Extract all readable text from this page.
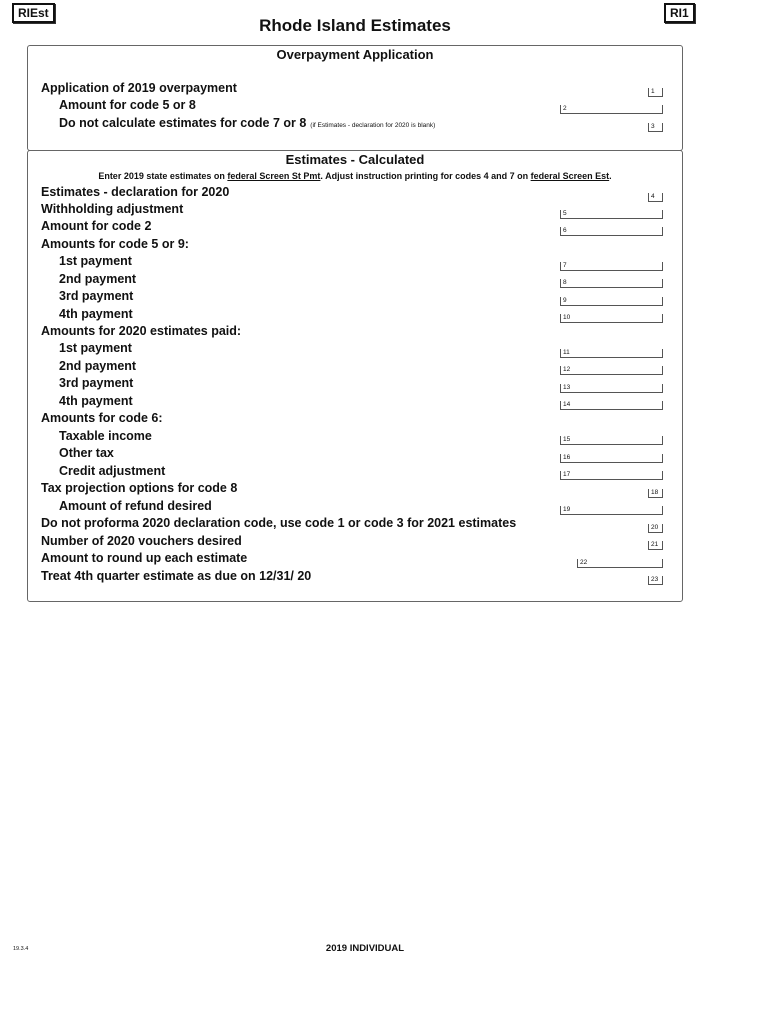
RIEst	RI1
Rhode Island Estimates
Overpayment Application
Application of 2019 overpayment	1
Amount for code 5 or 8	2
Do not calculate estimates for code 7 or 8 (if Estimates - declaration for 2020 is blank)	3
Estimates - Calculated
Enter 2019 state estimates on federal Screen St Pmt. Adjust instruction printing for codes 4 and 7 on federal Screen Est.
Estimates - declaration for 2020	4
Withholding adjustment	5
Amount for code 2	6
Amounts for code 5 or 9:
1st payment	7
2nd payment	8
3rd payment	9
4th payment	10
Amounts for 2020 estimates paid:
1st payment	11
2nd payment	12
3rd payment	13
4th payment	14
Amounts for code 6:
Taxable income	15
Other tax	16
Credit adjustment	17
Tax projection options for code 8	18
Amount of refund desired	19
Do not proforma 2020 declaration code, use code 1 or code 3 for 2021 estimates	20
Number of 2020 vouchers desired	21
Amount to round up each estimate	22
Treat 4th quarter estimate as due on 12/31/ 20	23
19.3.4	2019 INDIVIDUAL
